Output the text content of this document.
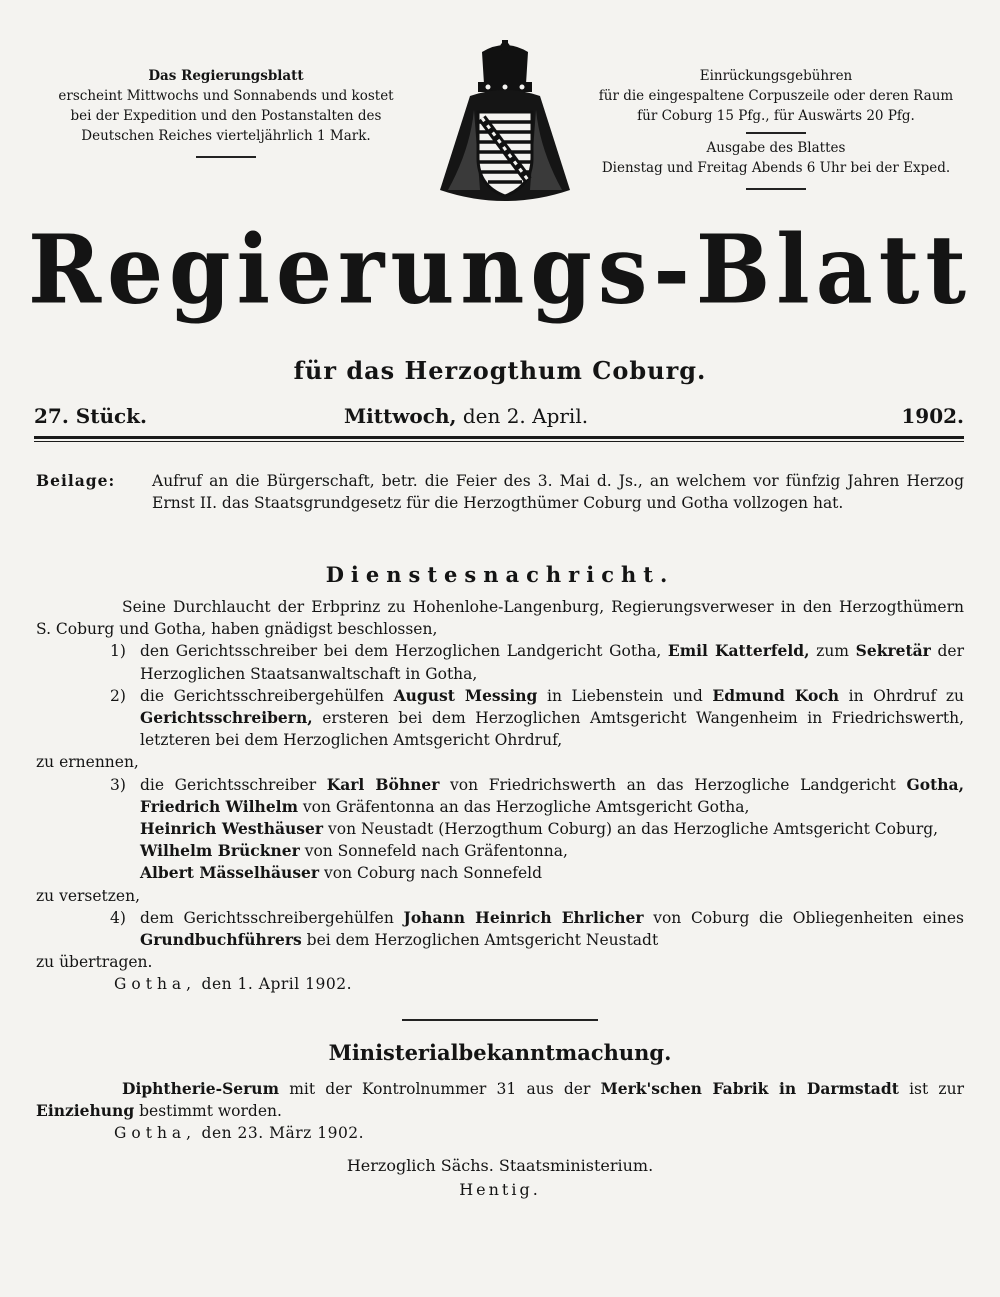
Das Regierungsblatt
erscheint Mittwochs und Sonnabends und kostet
bei der Expedition und den Postanstalten des
Deutschen Reiches vierteljährlich 1 Mark.
Einrückungsgebühren
für die eingespaltene Corpuszeile oder deren Raum
für Coburg 15 Pfg., für Auswärts 20 Pfg.
Ausgabe des Blattes
Dienstag und Freitag Abends 6 Uhr bei der Exped.
Regierungs-Blatt
für das Herzogthum Coburg.
27. Stück.	Mittwoch, den 2. April.	1902.
Beilage: Aufruf an die Bürgerschaft, betr. die Feier des 3. Mai d. Js., an welchem vor fünfzig Jahren Herzog Ernst II. das Staatsgrundgesetz für die Herzogthümer Coburg und Gotha vollzogen hat.
Dienstesnachricht.
Seine Durchlaucht der Erbprinz zu Hohenlohe-Langenburg, Regierungsverweser in den Herzogthümern S. Coburg und Gotha, haben gnädigst beschlossen,
1) den Gerichtsschreiber bei dem Herzoglichen Landgericht Gotha, Emil Katterfeld, zum Sekretär der Herzoglichen Staatsanwaltschaft in Gotha,
2) die Gerichtsschreibergehülfen August Messing in Liebenstein und Edmund Koch in Ohrdruf zu Gerichtsschreibern, ersteren bei dem Herzoglichen Amtsgericht Wangenheim in Friedrichswerth, letzteren bei dem Herzoglichen Amtsgericht Ohrdruf,
zu ernennen,
3) die Gerichtsschreiber Karl Böhner von Friedrichswerth an das Herzogliche Landgericht Gotha, Friedrich Wilhelm von Gräfentonna an das Herzogliche Amtsgericht Gotha,
Heinrich Westhäuser von Neustadt (Herzogthum Coburg) an das Herzogliche Amtsgericht Coburg,
Wilhelm Brückner von Sonnefeld nach Gräfentonna,
Albert Mässelhäuser von Coburg nach Sonnefeld
zu versetzen,
4) dem Gerichtsschreibergehülfen Johann Heinrich Ehrlicher von Coburg die Obliegenheiten eines Grundbuchführers bei dem Herzoglichen Amtsgericht Neustadt
zu übertragen.
Gotha, den 1. April 1902.
Ministerialbekanntmachung.
Diphtherie-Serum mit der Kontrolnummer 31 aus der Merk'schen Fabrik in Darmstadt ist zur Einziehung bestimmt worden.
Gotha, den 23. März 1902.
Herzoglich Sächs. Staatsministerium.
Hentig.
